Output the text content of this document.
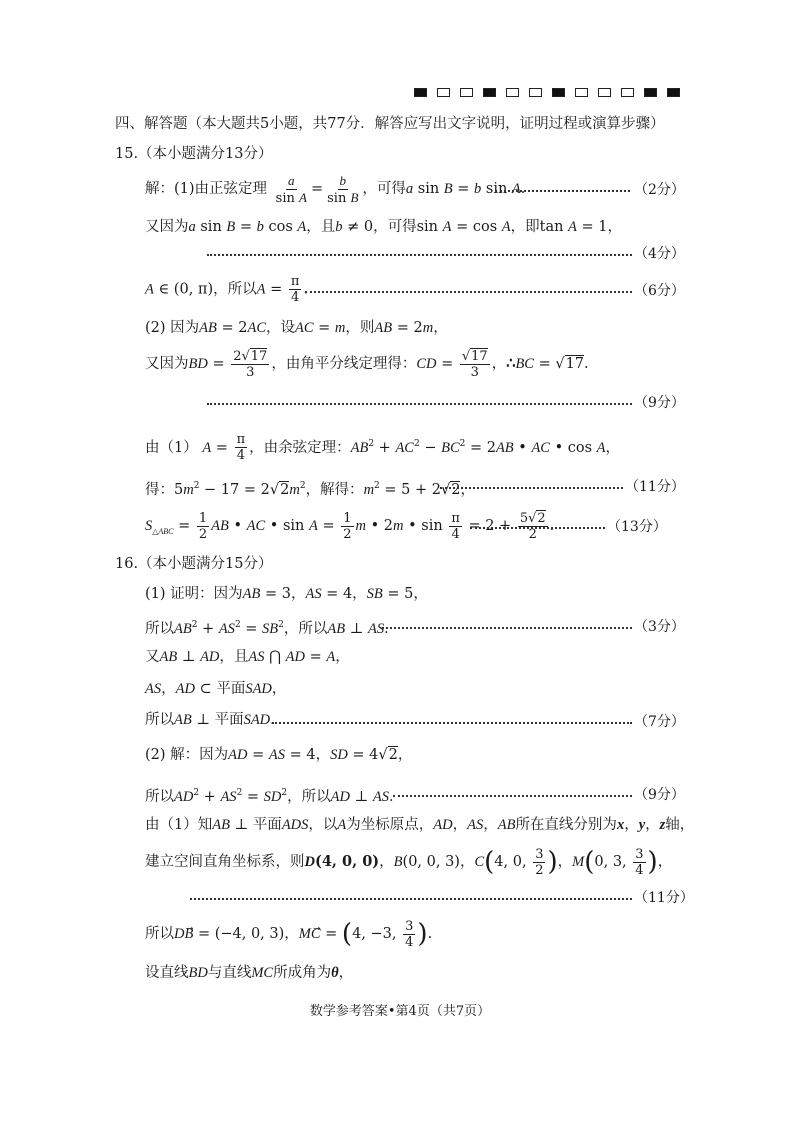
四、解答题（本大题共5小题，共77分．解答应写出文字说明，证明过程或演算步骤）
15.（本小题满分13分）
解：(1)由正弦定理 $\frac{a}{\text{sin A}} = \frac{b}{\text{sin B}}$ ，可得a sin B = b sin A．	（2分）
又因为a sin B = b cos A，且b ≠ 0，可得sin A = cos A，即tan A = 1，
（4分）
A ∈ (0, π)，所以$A = \frac{\pi}{4}$ .	（6分）
(2) 因为AB = 2AC，设AC = m，则AB = 2m，
又因为BD = $\frac{2√17}{3}$ ，由角平分线定理得：CD = $\frac{√17}{3}$ ，∴BC = √17.
（9分）
由（1） $A = \frac{\pi}{4}$ ，由余弦定理：$AB^2 + AC^2 - BC^2 = 2AB$ • AC • cos A，
得：$5m^2 - 17 = 2√2m^2$，解得：$m^2 = 5 + 2√2$，	（11分）
$S_{\triangle ABC} = \frac{1}{2}$ AB • AC • $\sin A = \frac{1}{2}$ m • 2m • $\sin \frac{\pi}{4} = 2 + \frac{5√2}{2}$ .	（13分）
16.（本小题满分15分）
(1) 证明：因为AB = 3，AS = 4，SB = 5，
所以$AB^2 + AS^2 = SB^2$，所以AB ⊥ AS．	（3分）
又AB ⊥ AD，且AS ⋂ AD = A，
AS，AD ⊂ 平面SAD，
所以AB ⊥ 平面SAD．	（7分）
(2) 解：因为AD = AS = 4，SD = 4√2，
所以$AD^2 + AS^2 = SD^2$，所以AD ⊥ AS．	（9分）
由（1）知AB ⊥ 平面ADS，以A为坐标原点，AD，AS，AB所在直线分别为x，y，z轴，
建立空间直角坐标系，则D(4, 0, 0)，B(0, 0, 3)，C(4, 0, $\frac{3}{2}$ )，M(0, 3, $\frac{3}{4}$ )，
（11分）
所以DB⃗ = (−4, 0, 3)，MC⃗ = (4, −3, $\frac{3}{4}$ ).
设直线BD与直线MC所成角为θ，
数学参考答案•第4页（共7页）
